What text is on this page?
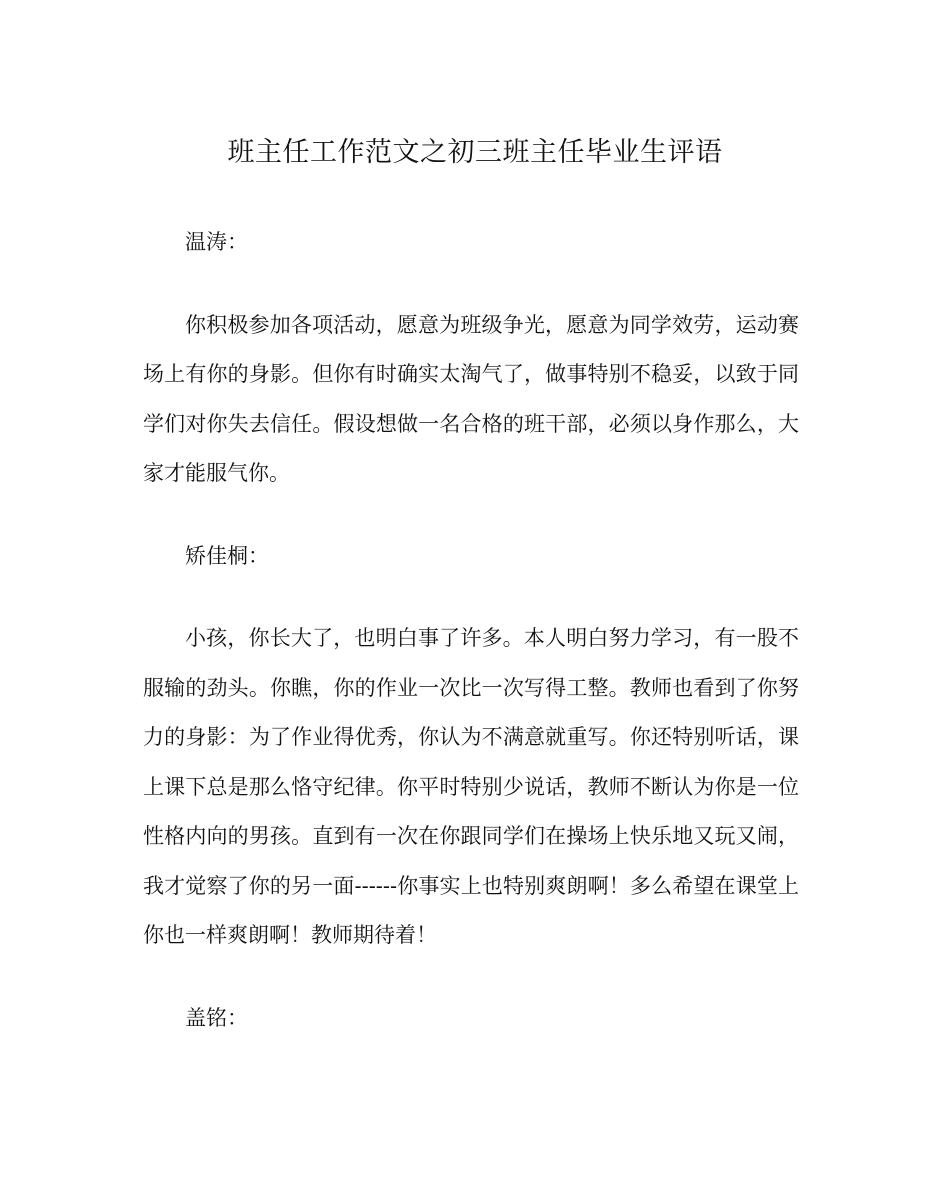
班主任工作范文之初三班主任毕业生评语

温涛：

你积极参加各项活动，愿意为班级争光，愿意为同学效劳，运动赛场上有你的身影。但你有时确实太淘气了，做事特别不稳妥，以致于同学们对你失去信任。假设想做一名合格的班干部，必须以身作那么，大家才能服气你。

矫佳桐：

小孩，你长大了，也明白事了许多。本人明白努力学习，有一股不服输的劲头。你瞧，你的作业一次比一次写得工整。教师也看到了你努力的身影：为了作业得优秀，你认为不满意就重写。你还特别听话，课上课下总是那么恪守纪律。你平时特别少说话，教师不断认为你是一位性格内向的男孩。直到有一次在你跟同学们在操场上快乐地又玩又闹，我才觉察了你的另一面------你事实上也特别爽朗啊！多么希望在课堂上你也一样爽朗啊！教师期待着！

盖铭：
